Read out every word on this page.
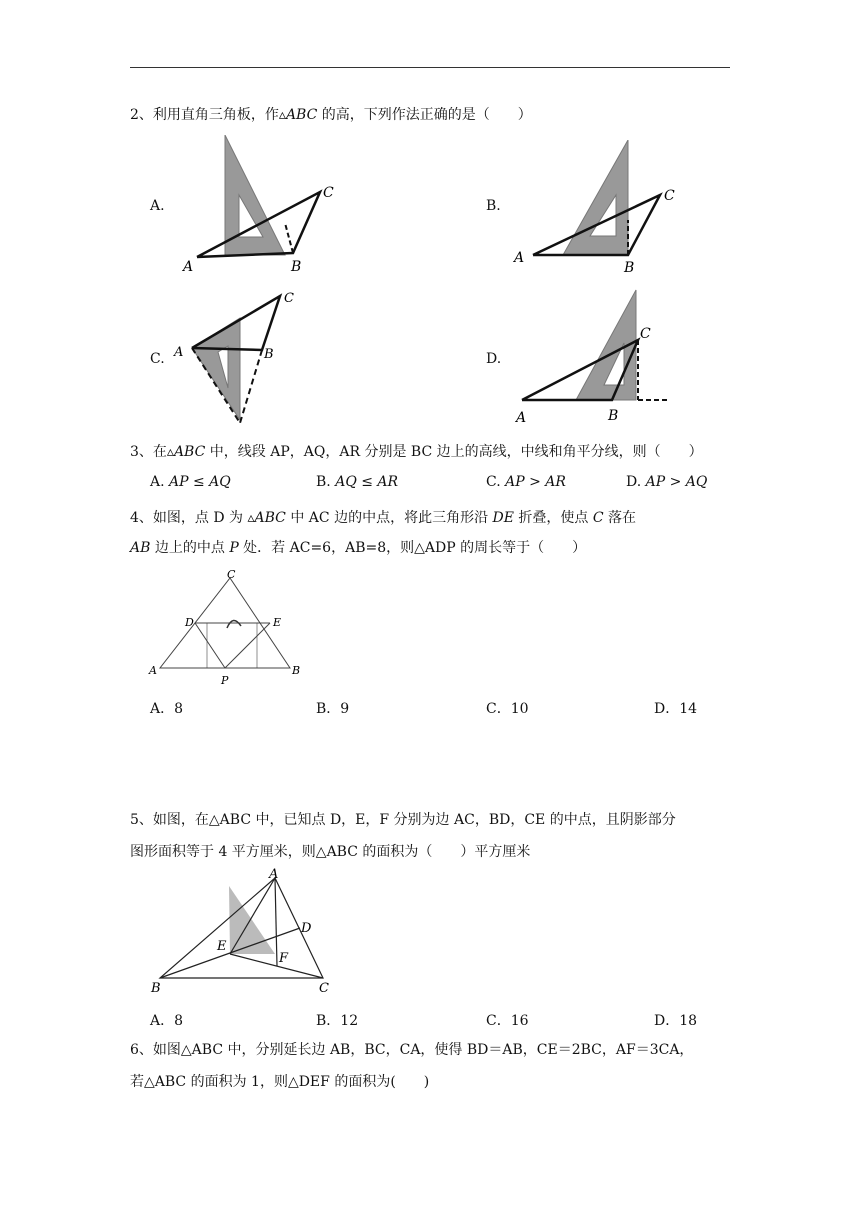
2、利用直角三角板，作▵ABC 的高，下列作法正确的是（　　）
A.	B.
C.	D.
A	B
C
A
B
C
A	B
C
A	B
C
3、在▵ABC 中，线段 AP，AQ，AR 分别是 BC 边上的高线，中线和角平分线，则（　　）
A. AP ≤ AQ	B. AQ ≤ AR	C. AP > AR	D. AP > AQ
4、如图，点 D 为 ▵ABC 中 AC 边的中点，将此三角形沿 DE 折叠，使点 C 落在
AB 边上的中点 P 处．若 AC=6，AB=8，则△ADP 的周长等于（　　）
C
D	E
A	B
P
A．8	B．9	C．10	D．14
5、如图，在△ABC 中，已知点 D，E，F 分别为边 AC，BD，CE 的中点，且阴影部分
图形面积等于 4 平方厘米，则△ABC 的面积为（　　）平方厘米
A
B	C
D
E
F
A．8	B．12	C．16	D．18
6、如图△ABC 中，分别延长边 AB，BC，CA，使得 BD＝AB，CE＝2BC，AF＝3CA，
若△ABC 的面积为 1，则△DEF 的面积为(　　)
